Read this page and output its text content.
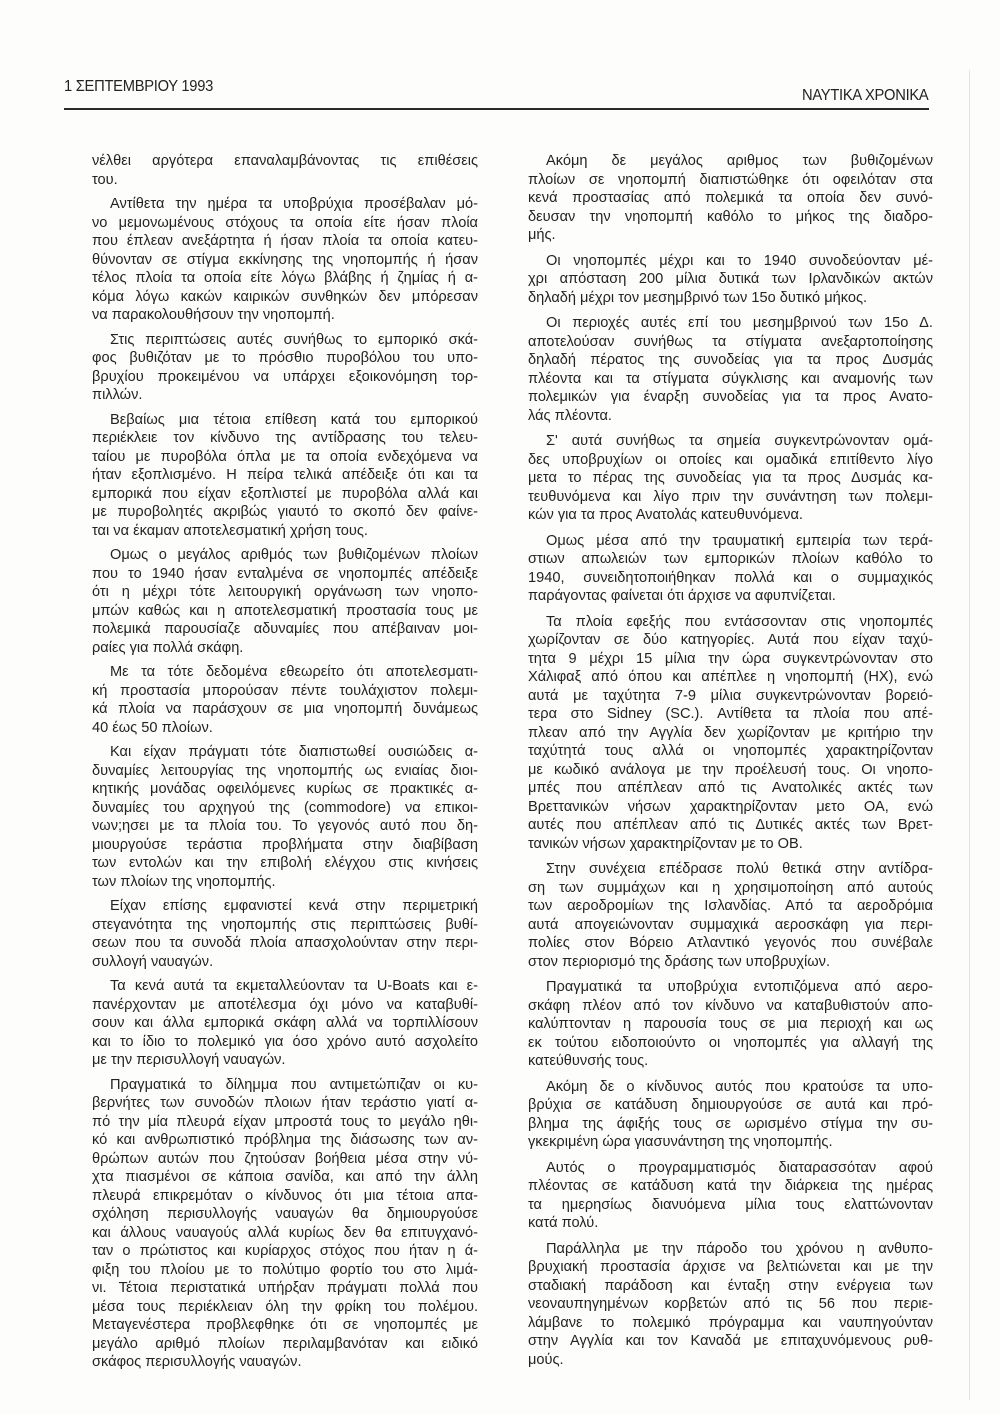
1 ΣΕΠΤΕΜΒΡΙΟΥ 1993
ΝΑΥΤΙΚΑ ΧΡΟΝΙΚΑ
νέλθει αργότερα επαναλαμβάνοντας τις επιθέσεις
του.
Αντίθετα την ημέρα τα υποβρύχια προσέβαλαν μό-
νο μεμονωμένους στόχους τα οποία είτε ήσαν πλοία
που έπλεαν ανεξάρτητα ή ήσαν πλοία τα οποία κατευ-
θύνονταν σε στίγμα εκκίνησης της νηοπομπής ή ήσαν
τέλος πλοία τα οποία είτε λόγω βλάβης ή ζημίας ή α-
κόμα λόγω κακών καιρικών συνθηκών δεν μπόρεσαν
να παρακολουθήσουν την νηοπομπή.
Στις περιπτώσεις αυτές συνήθως το εμπορικό σκά-
φος βυθιζόταν με το πρόσθιο πυροβόλου του υπο-
βρυχίου προκειμένου να υπάρχει εξοικονόμηση τορ-
πιλλών.
Βεβαίως μια τέτοια επίθεση κατά του εμπορικού
περιέκλειε τον κίνδυνο της αντίδρασης του τελευ-
ταίου με πυροβόλα όπλα με τα οποία ενδεχόμενα να
ήταν εξοπλισμένο. Η πείρα τελικά απέδειξε ότι και τα
εμπορικά που είχαν εξοπλιστεί με πυροβόλα αλλά και
με πυροβολητές ακριβώς γιαυτό το σκοπό δεν φαίνε-
ται να έκαμαν αποτελεσματική χρήση τους.
Ομως ο μεγάλος αριθμός των βυθιζομένων πλοίων
που το 1940 ήσαν ενταλμένα σε νηοπομπές απέδειξε
ότι η μέχρι τότε λειτουργική οργάνωση των νηοπο-
μπών καθώς και η αποτελεσματική προστασία τους με
πολεμικά παρουσίαζε αδυναμίες που απέβαιναν μοι-
ραίες για πολλά σκάφη.
Με τα τότε δεδομένα εθεωρείτο ότι αποτελεσματι-
κή προστασία μπορούσαν πέντε τουλάχιστον πολεμι-
κά πλοία να παράσχουν σε μια νηοπομπή δυνάμεως
40 έως 50 πλοίων.
Και είχαν πράγματι τότε διαπιστωθεί ουσιώδεις α-
δυναμίες λειτουργίας της νηοπομπής ως ενιαίας διοι-
κητικής μονάδας οφειλόμενες κυρίως σε πρακτικές α-
δυναμίες του αρχηγού της (commodore) να επικοι-
νων;ησει με τα πλοία του. Το γεγονός αυτό που δη-
μιουργούσε τεράστια προβλήματα στην διαβίβαση
των εντολών και την επιβολή ελέγχου στις κινήσεις
των πλοίων της νηοπομπής.
Είχαν επίσης εμφανιστεί κενά στην περιμετρική
στεγανότητα της νηοπομπής στις περιπτώσεις βυθί-
σεων που τα συνοδά πλοία απασχολούνταν στην περι-
συλλογή ναυαγών.
Τα κενά αυτά τα εκμεταλλεύονταν τα U-Boats και ε-
πανέρχονταν με αποτέλεσμα όχι μόνο να καταβυθί-
σουν και άλλα εμπορικά σκάφη αλλά να τορπιλλίσουν
και το ίδιο το πολεμικό για όσο χρόνο αυτό ασχολείτο
με την περισυλλογή ναυαγών.
Πραγματικά το δίλημμα που αντιμετώπιζαν οι κυ-
βερνήτες των συνοδών πλοιων ήταν τεράστιο γιατί α-
πό την μία πλευρά είχαν μπροστά τους το μεγάλο ηθι-
κό και ανθρωπιστικό πρόβλημα της διάσωσης των αν-
θρώπων αυτών που ζητούσαν βοήθεια μέσα στην νύ-
χτα πιασμένοι σε κάποια σανίδα, και από την άλλη
πλευρά επικρεμόταν ο κίνδυνος ότι μια τέτοια απα-
σχόληση περισυλλογής ναυαγών θα δημιουργούσε
και άλλους ναυαγούς αλλά κυρίως δεν θα επιτυγχανό-
ταν ο πρώτιστος και κυρίαρχος στόχος που ήταν η ά-
φιξη του πλοίου με το πολύτιμο φορτίο του στο λιμά-
νι. Τέτοια περιστατικά υπήρξαν πράγματι πολλά που
μέσα τους περιέκλειαν όλη την φρίκη του πολέμου.
Μεταγενέστερα προβλεφθηκε ότι σε νηοπομπές με
μεγάλο αριθμό πλοίων περιλαμβανόταν και ειδικό
σκάφος περισυλλογής ναυαγών.
Ακόμη δε μεγάλος αριθμος των βυθιζομένων
πλοίων σε νηοπομπή διαπιστώθηκε ότι οφειλόταν στα
κενά προστασίας από πολεμικά τα οποία δεν συνό-
δευσαν την νηοπομπή καθόλο το μήκος της διαδρο-
μής.
Οι νηοπομπές μέχρι και το 1940 συνοδεύονταν μέ-
χρι απόσταση 200 μίλια δυτικά των Ιρλανδικών ακτών
δηλαδή μέχρι τον μεσημβρινό των 15ο δυτικό μήκος.
Οι περιοχές αυτές επί του μεσημβρινού των 15ο Δ.
αποτελούσαν συνήθως τα στίγματα ανεξαρτοποίησης
δηλαδή πέρατος της συνοδείας για τα προς Δυσμάς
πλέοντα και τα στίγματα σύγκλισης και αναμονής των
πολεμικών για έναρξη συνοδείας για τα προς Ανατο-
λάς πλέοντα.
Σ' αυτά συνήθως τα σημεία συγκεντρώνονταν ομά-
δες υποβρυχίων οι οποίες και ομαδικά επιτίθεντο λίγο
μετα το πέρας της συνοδείας για τα προς Δυσμάς κα-
τευθυνόμενα και λίγο πριν την συνάντηση των πολεμι-
κών για τα προς Ανατολάς κατευθυνόμενα.
Ομως μέσα από την τραυματική εμπειρία των τερά-
στιων απωλειών των εμπορικών πλοίων καθόλο το
1940, συνειδητοποιήθηκαν πολλά και ο συμμαχικός
παράγοντας φαίνεται ότι άρχισε να αφυπνίζεται.
Τα πλοία εφεξής που εντάσσονταν στις νηοπομπές
χωρίζονταν σε δύο κατηγορίες. Αυτά που είχαν ταχύ-
τητα 9 μέχρι 15 μίλια την ώρα συγκεντρώνονταν στο
Χάλιφαξ από όπου και απέπλεε η νηοπομπή (HX), ενώ
αυτά με ταχύτητα 7-9 μίλια συγκεντρώνονταν βορειό-
τερα στο Sidney (SC.). Αντίθετα τα πλοία που απέ-
πλεαν από την Αγγλία δεν χωρίζονταν με κριτήριο την
ταχύτητά τους αλλά οι νηοπομπές χαρακτηρίζονταν
με κωδικό ανάλογα με την προέλευσή τους. Οι νηοπο-
μπές που απέπλεαν από τις Ανατολικές ακτές των
Βρεττανικών νήσων χαρακτηρίζονταν μετο ΟΑ, ενώ
αυτές που απέπλεαν από τις Δυτικές ακτές των Βρετ-
τανικών νήσων χαρακτηρίζονταν με το ΟΒ.
Στην συνέχεια επέδρασε πολύ θετικά στην αντίδρα-
ση των συμμάχων και η χρησιμοποίηση από αυτούς
των αεροδρομίων της Ισλανδίας. Από τα αεροδρόμια
αυτά απογειώνονταν συμμαχικά αεροσκάφη για περι-
πολίες στον Βόρειο Ατλαντικό γεγονός που συνέβαλε
στον περιορισμό της δράσης των υποβρυχίων.
Πραγματικά τα υποβρύχια εντοπιζόμενα από αερο-
σκάφη πλέον από τον κίνδυνο να καταβυθιστούν απο-
καλύπτονταν η παρουσία τους σε μια περιοχή και ως
εκ τούτου ειδοποιούντο οι νηοπομπές για αλλαγή της
κατεύθυνσής τους.
Ακόμη δε ο κίνδυνος αυτός που κρατούσε τα υπο-
βρύχια σε κατάδυση δημιουργούσε σε αυτά και πρό-
βλημα της άφιξής τους σε ωρισμένο στίγμα την συ-
γκεκριμένη ώρα γιασυνάντηση της νηοπομπής.
Αυτός ο προγραμματισμός διαταρασσόταν αφού
πλέοντας σε κατάδυση κατά την διάρκεια της ημέρας
τα ημερησίως διανυόμενα μίλια τους ελαττώνονταν
κατά πολύ.
Παράλληλα με την πάροδο του χρόνου η ανθυπο-
βρυχιακή προστασία άρχισε να βελτιώνεται και με την
σταδιακή παράδοση και ένταξη στην ενέργεια των
νεοναυπηγημένων κορβετών από τις 56 που περιε-
λάμβανε το πολεμικό πρόγραμμα και ναυπηγούνταν
στην Αγγλία και τον Καναδά με επιταχυνόμενους ρυθ-
μούς.
